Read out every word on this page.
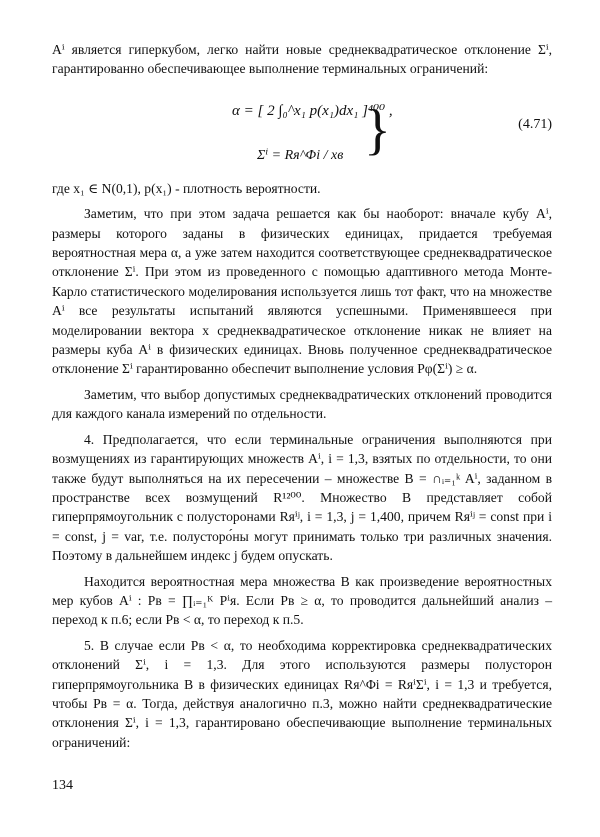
Aⁱ является гиперкубом, легко найти новые среднеквадратическое отклонение Σⁱ, гарантированно обеспечивающее выполнение терминальных ограничений:

α = [ 2 ∫₀^x₁ p(x₁)dx₁ ]⁴⁰⁰ ,
Σⁱ = Rя^Φi / xв }	(4.71)

где x₁ ∈ N(0,1), p(x₁) - плотность вероятности.

Заметим, что при этом задача решается как бы наоборот: вначале кубу Aⁱ, размеры которого заданы в физических единицах, придается требуемая вероятностная мера α, а уже затем находится соответствующее среднеквадратическое отклонение Σⁱ. При этом из проведенного с помощью адаптивного метода Монте-Карло статистического моделирования используется лишь тот факт, что на множестве Aⁱ все результаты испытаний являются успешными. Применявшееся при моделировании вектора x среднеквадратическое отклонение никак не влияет на размеры куба Aⁱ в физических единицах. Вновь полученное среднеквадратическое отклонение Σⁱ гарантированно обеспечит выполнение условия Pφ(Σⁱ) ≥ α.

Заметим, что выбор допустимых среднеквадратических отклонений проводится для каждого канала измерений по отдельности.

4. Предполагается, что если терминальные ограничения выполняются при возмущениях из гарантирующих множеств Aⁱ, i = 1,3, взятых по отдельности, то они также будут выполняться на их пересечении – множестве B = ∩ᵢ₌₁ᵏ Aⁱ, заданном в пространстве всех возмущений R¹²⁰⁰. Множество B представляет собой гиперпрямоугольник с полусторонами Rяⁱʲ, i = 1,3, j = 1,400, причем Rяⁱʲ = const при i = const, j = var, т.е. полусторо́ны могут принимать только три различных значения. Поэтому в дальнейшем индекс j будем опускать.

Находится вероятностная мера множества B как произведение вероятностных мер кубов Aⁱ : Pв = ∏ᵢ₌₁ᴷ Pⁱя. Если Pв ≥ α, то проводится дальнейший анализ – переход к п.6; если Pв < α, то переход к п.5.

5. В случае если Pв < α, то необходима корректировка среднеквадратических отклонений Σⁱ, i = 1,3. Для этого используются размеры полусторон гиперпрямоугольника B в физических единицах Rя^Φi = RяⁱΣⁱ, i = 1,3 и требуется, чтобы Pв = α. Тогда, действуя аналогично п.3, можно найти среднеквадратические отклонения Σⁱ, i = 1,3, гарантировано обеспечивающие выполнение терминальных ограничений:

134
